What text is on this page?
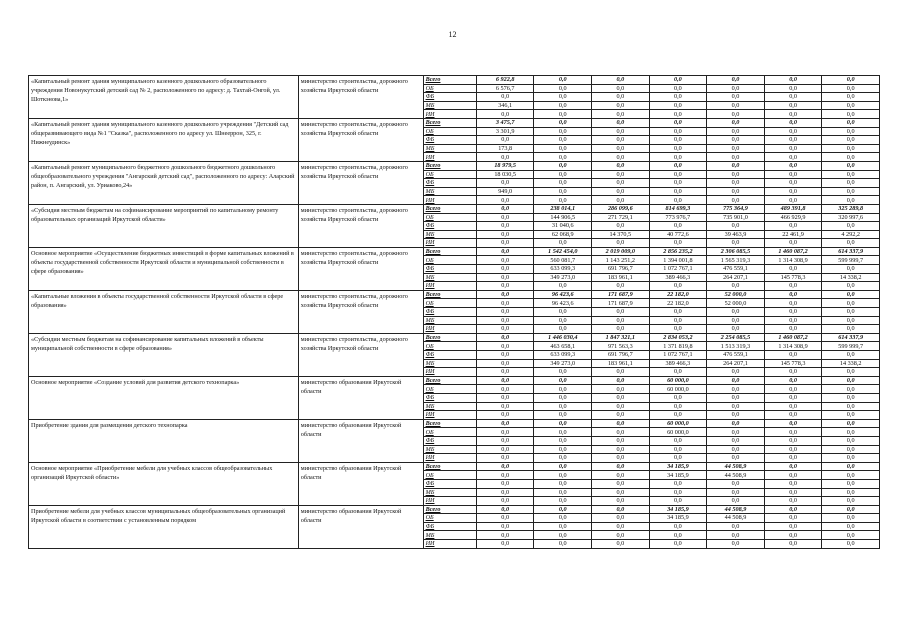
12
«Капитальный ремонт здания муниципального казенного дошкольного образовательного учреждения Новонукутский детский сад № 2, расположенного по адресу: д. Тахтай-Онгой, ул. Шоткэнова,1»	министерство строительства, дорожного хозяйства Иркутской области	Всего	6 922,8	0,0	0,0	0,0	0,0	0,0	0,0
		ОБ	6 576,7	0,0	0,0	0,0	0,0	0,0	0,0
		ФБ	0,0	0,0	0,0	0,0	0,0	0,0	0,0
		МБ	346,1	0,0	0,0	0,0	0,0	0,0	0,0
		ИИ	0,0	0,0	0,0	0,0	0,0	0,0	0,0
«Капитальный ремонт здания муниципального казенного дошкольного учреждения "Детский сад общеразвивающего вида №1 "Сказка", расположенного по адресу ул. Шнееррон, 325, г. Нижнеудинск»	министерство строительства, дорожного хозяйства Иркутской области	Всего	3 475,7	0,0	0,0	0,0	0,0	0,0	0,0
		ОБ	3 301,9	0,0	0,0	0,0	0,0	0,0	0,0
		ФБ	0,0	0,0	0,0	0,0	0,0	0,0	0,0
		МБ	173,8	0,0	0,0	0,0	0,0	0,0	0,0
		ИИ	0,0	0,0	0,0	0,0	0,0	0,0	0,0
«Капитальный ремонт муниципального бюджетного дошкольного бюджетного дошкольного общеобразовательного учреждения "Ангарский детский сад", расположенного по адресу: Аларский район, п. Ангарский, ул. Уриаково,24»	министерство строительства, дорожного хозяйства Иркутской области	Всего	18 979,5	0,0	0,0	0,0	0,0	0,0	0,0
		ОБ	18 030,5	0,0	0,0	0,0	0,0	0,0	0,0
		ФБ	0,0	0,0	0,0	0,0	0,0	0,0	0,0
		МБ	949,0	0,0	0,0	0,0	0,0	0,0	0,0
		ИИ	0,0	0,0	0,0	0,0	0,0	0,0	0,0
«Субсидия местным бюджетам на софинансирование мероприятий по капитальному ремонту образовательных организаций Иркутской области»	министерство строительства, дорожного хозяйства Иркутской области	Всего	0,0	238 014,1	286 099,6	814 699,3	775 364,9	489 391,8	325 289,8
		ОБ	0,0	144 906,5	271 729,1	773 976,7	735 901,0	466 929,9	320 997,6
		ФБ	0,0	31 040,6	0,0	0,0	0,0	0,0	0,0
		МБ	0,0	62 068,9	14 370,5	40 772,6	39 463,9	22 461,9	4 292,2
		ИИ	0,0	0,0	0,0	0,0	0,0	0,0	0,0
Основное мероприятие «Осуществление бюджетных инвестиций в форме капитальных вложений в объекты государственной собственности Иркутской области и муниципальной собственности в сфере образования»	министерство строительства, дорожного хозяйства Иркутской области	Всего	0,0	1 542 454,0	2 019 009,0	2 856 235,2	2 306 085,5	1 460 087,2	614 337,9
		ОБ	0,0	560 081,7	1 143 251,2	1 394 001,8	1 565 319,3	1 314 308,9	599 999,7
		ФБ	0,0	633 099,3	691 796,7	1 072 767,1	476 559,1	0,0	0,0
		МБ	0,0	349 273,0	183 961,1	389 466,3	264 207,1	145 778,3	14 338,2
		ИИ	0,0	0,0	0,0	0,0	0,0	0,0	0,0
«Капитальные вложения в объекты государственной собственности Иркутской области в сфере образования»	министерство строительства, дорожного хозяйства Иркутской области	Всего	0,0	96 423,6	171 687,9	22 182,0	52 000,0	0,0	0,0
		ОБ	0,0	96 423,6	171 687,9	22 182,0	52 000,0	0,0	0,0
		ФБ	0,0	0,0	0,0	0,0	0,0	0,0	0,0
		МБ	0,0	0,0	0,0	0,0	0,0	0,0	0,0
		ИИ	0,0	0,0	0,0	0,0	0,0	0,0	0,0
«Субсидии местным бюджетам на софинансирование капитальных вложений в объекты муниципальной собственности в сфере образования»	министерство строительства, дорожного хозяйства Иркутской области	Всего	0,0	1 446 030,4	1 847 321,1	2 834 053,2	2 254 085,5	1 460 087,2	614 337,9
		ОБ	0,0	463 658,1	971 563,3	1 371 819,8	1 513 319,3	1 314 308,9	599 999,7
		ФБ	0,0	633 099,3	691 796,7	1 072 767,1	476 559,1	0,0	0,0
		МБ	0,0	349 273,0	183 961,1	389 466,3	264 207,1	145 778,3	14 338,2
		ИИ	0,0	0,0	0,0	0,0	0,0	0,0	0,0
Основное мероприятие «Создание условий для развития детского технопарка»	министерство образования Иркутской области	Всего	0,0	0,0	0,0	60 000,0	0,0	0,0	0,0
		ОБ	0,0	0,0	0,0	60 000,0	0,0	0,0	0,0
		ФБ	0,0	0,0	0,0	0,0	0,0	0,0	0,0
		МБ	0,0	0,0	0,0	0,0	0,0	0,0	0,0
		ИИ	0,0	0,0	0,0	0,0	0,0	0,0	0,0
Приобретение здания для размещения детского технопарка	министерство образования Иркутской области	Всего	0,0	0,0	0,0	60 000,0	0,0	0,0	0,0
		ОБ	0,0	0,0	0,0	60 000,0	0,0	0,0	0,0
		ФБ	0,0	0,0	0,0	0,0	0,0	0,0	0,0
		МБ	0,0	0,0	0,0	0,0	0,0	0,0	0,0
		ИИ	0,0	0,0	0,0	0,0	0,0	0,0	0,0
Основное мероприятие «Приобретение мебели для учебных классов общеобразовательных организаций Иркутской области»	министерство образования Иркутской области	Всего	0,0	0,0	0,0	34 185,9	44 508,9	0,0	0,0
		ОБ	0,0	0,0	0,0	34 185,9	44 508,9	0,0	0,0
		ФБ	0,0	0,0	0,0	0,0	0,0	0,0	0,0
		МБ	0,0	0,0	0,0	0,0	0,0	0,0	0,0
		ИИ	0,0	0,0	0,0	0,0	0,0	0,0	0,0
Приобретение мебели для учебных классов муниципальных общеобразовательных организаций Иркутской области в соответствии с установленным порядком	министерство образования Иркутской области	Всего	0,0	0,0	0,0	34 185,9	44 508,9	0,0	0,0
		ОБ	0,0	0,0	0,0	34 185,9	44 508,9	0,0	0,0
		ФБ	0,0	0,0	0,0	0,0	0,0	0,0	0,0
		МБ	0,0	0,0	0,0	0,0	0,0	0,0	0,0
		ИИ	0,0	0,0	0,0	0,0	0,0	0,0	0,0
